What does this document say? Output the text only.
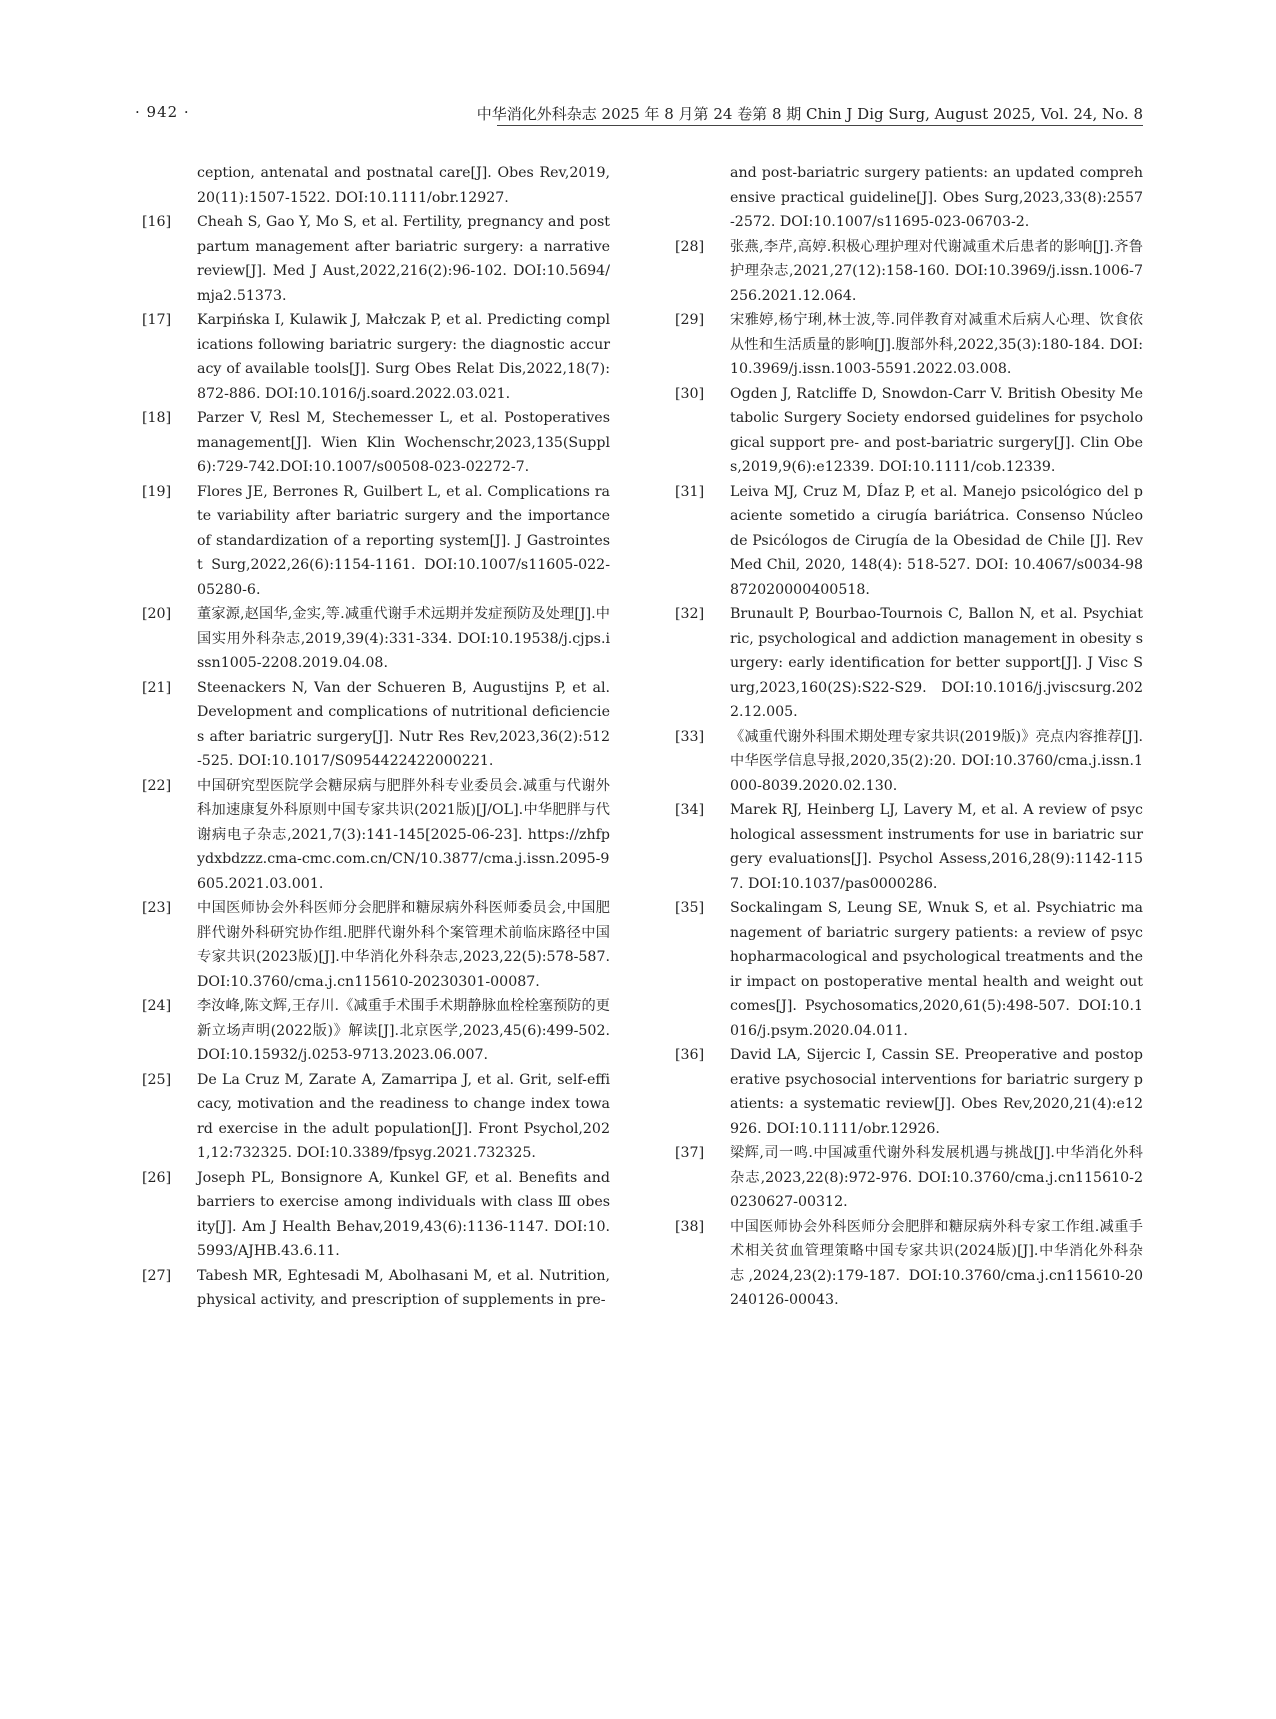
· 942 ·	中华消化外科杂志 2025 年 8 月第 24 卷第 8 期 Chin J Dig Surg, August 2025, Vol. 24, No. 8
ception, antenatal and postnatal care[J]. Obes Rev,2019,20(11):1507-1522. DOI:10.1111/obr.12927.
[16] Cheah S, Gao Y, Mo S, et al. Fertility, pregnancy and post partum management after bariatric surgery: a narrative review[J]. Med J Aust,2022,216(2):96-102. DOI:10.5694/mja2.51373.
[17] Karpińska I, Kulawik J, Małczak P, et al. Predicting complications following bariatric surgery: the diagnostic accuracy of available tools[J]. Surg Obes Relat Dis,2022,18(7):872-886. DOI:10.1016/j.soard.2022.03.021.
[18] Parzer V, Resl M, Stechemesser L, et al. Postoperatives management[J]. Wien Klin Wochenschr,2023,135(Suppl 6):729-742.DOI:10.1007/s00508-023-02272-7.
[19] Flores JE, Berrones R, Guilbert L, et al. Complications rate variability after bariatric surgery and the importance of standardization of a reporting system[J]. J Gastrointest Surg,2022,26(6):1154-1161. DOI:10.1007/s11605-022-05280-6.
[20] 董家源,赵国华,金实,等.减重代谢手术远期并发症预防及处理[J].中国实用外科杂志,2019,39(4):331-334. DOI:10.19538/j.cjps.issn1005-2208.2019.04.08.
[21] Steenackers N, Van der Schueren B, Augustijns P, et al. Development and complications of nutritional deficiencies after bariatric surgery[J]. Nutr Res Rev,2023,36(2):512-525. DOI:10.1017/S0954422422000221.
[22] 中国研究型医院学会糖尿病与肥胖外科专业委员会.减重与代谢外科加速康复外科原则中国专家共识(2021版)[J/OL].中华肥胖与代谢病电子杂志,2021,7(3):141-145[2025-06-23]. https://zhfpydxbdzzz.cma-cmc.com.cn/CN/10.3877/cma.j.issn.2095-9605.2021.03.001.
[23] 中国医师协会外科医师分会肥胖和糖尿病外科医师委员会,中国肥胖代谢外科研究协作组.肥胖代谢外科个案管理术前临床路径中国专家共识(2023版)[J].中华消化外科杂志,2023,22(5):578-587. DOI:10.3760/cma.j.cn115610-20230301-00087.
[24] 李汝峰,陈文辉,王存川.《减重手术围手术期静脉血栓栓塞预防的更新立场声明(2022版)》解读[J].北京医学,2023,45(6):499-502. DOI:10.15932/j.0253-9713.2023.06.007.
[25] De La Cruz M, Zarate A, Zamarripa J, et al. Grit, self-efficacy, motivation and the readiness to change index toward exercise in the adult population[J]. Front Psychol,2021,12:732325. DOI:10.3389/fpsyg.2021.732325.
[26] Joseph PL, Bonsignore A, Kunkel GF, et al. Benefits and barriers to exercise among individuals with class Ⅲ obesity[J]. Am J Health Behav,2019,43(6):1136-1147. DOI:10.5993/AJHB.43.6.11.
[27] Tabesh MR, Eghtesadi M, Abolhasani M, et al. Nutrition, physical activity, and prescription of supplements in pre-
and post-bariatric surgery patients: an updated comprehensive practical guideline[J]. Obes Surg,2023,33(8):2557-2572. DOI:10.1007/s11695-023-06703-2.
[28] 张燕,李芹,高婷.积极心理护理对代谢减重术后患者的影响[J].齐鲁护理杂志,2021,27(12):158-160. DOI:10.3969/j.issn.1006-7256.2021.12.064.
[29] 宋雅婷,杨宁琍,林士波,等.同伴教育对减重术后病人心理、饮食依从性和生活质量的影响[J].腹部外科,2022,35(3):180-184. DOI:10.3969/j.issn.1003-5591.2022.03.008.
[30] Ogden J, Ratcliffe D, Snowdon-Carr V. British Obesity Metabolic Surgery Society endorsed guidelines for psychological support pre- and post-bariatric surgery[J]. Clin Obes,2019,9(6):e12339. DOI:10.1111/cob.12339.
[31] Leiva MJ, Cruz M, DÍaz P, et al. Manejo psicológico del paciente sometido a cirugía bariátrica. Consenso Núcleo de Psicólogos de Cirugía de la Obesidad de Chile [J]. Rev Med Chil, 2020, 148(4): 518-527. DOI: 10.4067/s0034-98872020000400518.
[32] Brunault P, Bourbao-Tournois C, Ballon N, et al. Psychiatric, psychological and addiction management in obesity surgery: early identification for better support[J]. J Visc Surg,2023,160(2S):S22-S29. DOI:10.1016/j.jviscsurg.2022.12.005.
[33] 《减重代谢外科围术期处理专家共识(2019版)》亮点内容推荐[J].中华医学信息导报,2020,35(2):20. DOI:10.3760/cma.j.issn.1000-8039.2020.02.130.
[34] Marek RJ, Heinberg LJ, Lavery M, et al. A review of psychological assessment instruments for use in bariatric surgery evaluations[J]. Psychol Assess,2016,28(9):1142-1157. DOI:10.1037/pas0000286.
[35] Sockalingam S, Leung SE, Wnuk S, et al. Psychiatric management of bariatric surgery patients: a review of psychopharmacological and psychological treatments and their impact on postoperative mental health and weight outcomes[J]. Psychosomatics,2020,61(5):498-507. DOI:10.1016/j.psym.2020.04.011.
[36] David LA, Sijercic I, Cassin SE. Preoperative and postoperative psychosocial interventions for bariatric surgery patients: a systematic review[J]. Obes Rev,2020,21(4):e12926. DOI:10.1111/obr.12926.
[37] 梁辉,司一鸣.中国减重代谢外科发展机遇与挑战[J].中华消化外科杂志,2023,22(8):972-976. DOI:10.3760/cma.j.cn115610-20230627-00312.
[38] 中国医师协会外科医师分会肥胖和糖尿病外科专家工作组.减重手术相关贫血管理策略中国专家共识(2024版)[J].中华消化外科杂志,2024,23(2):179-187. DOI:10.3760/cma.j.cn115610-20240126-00043.
